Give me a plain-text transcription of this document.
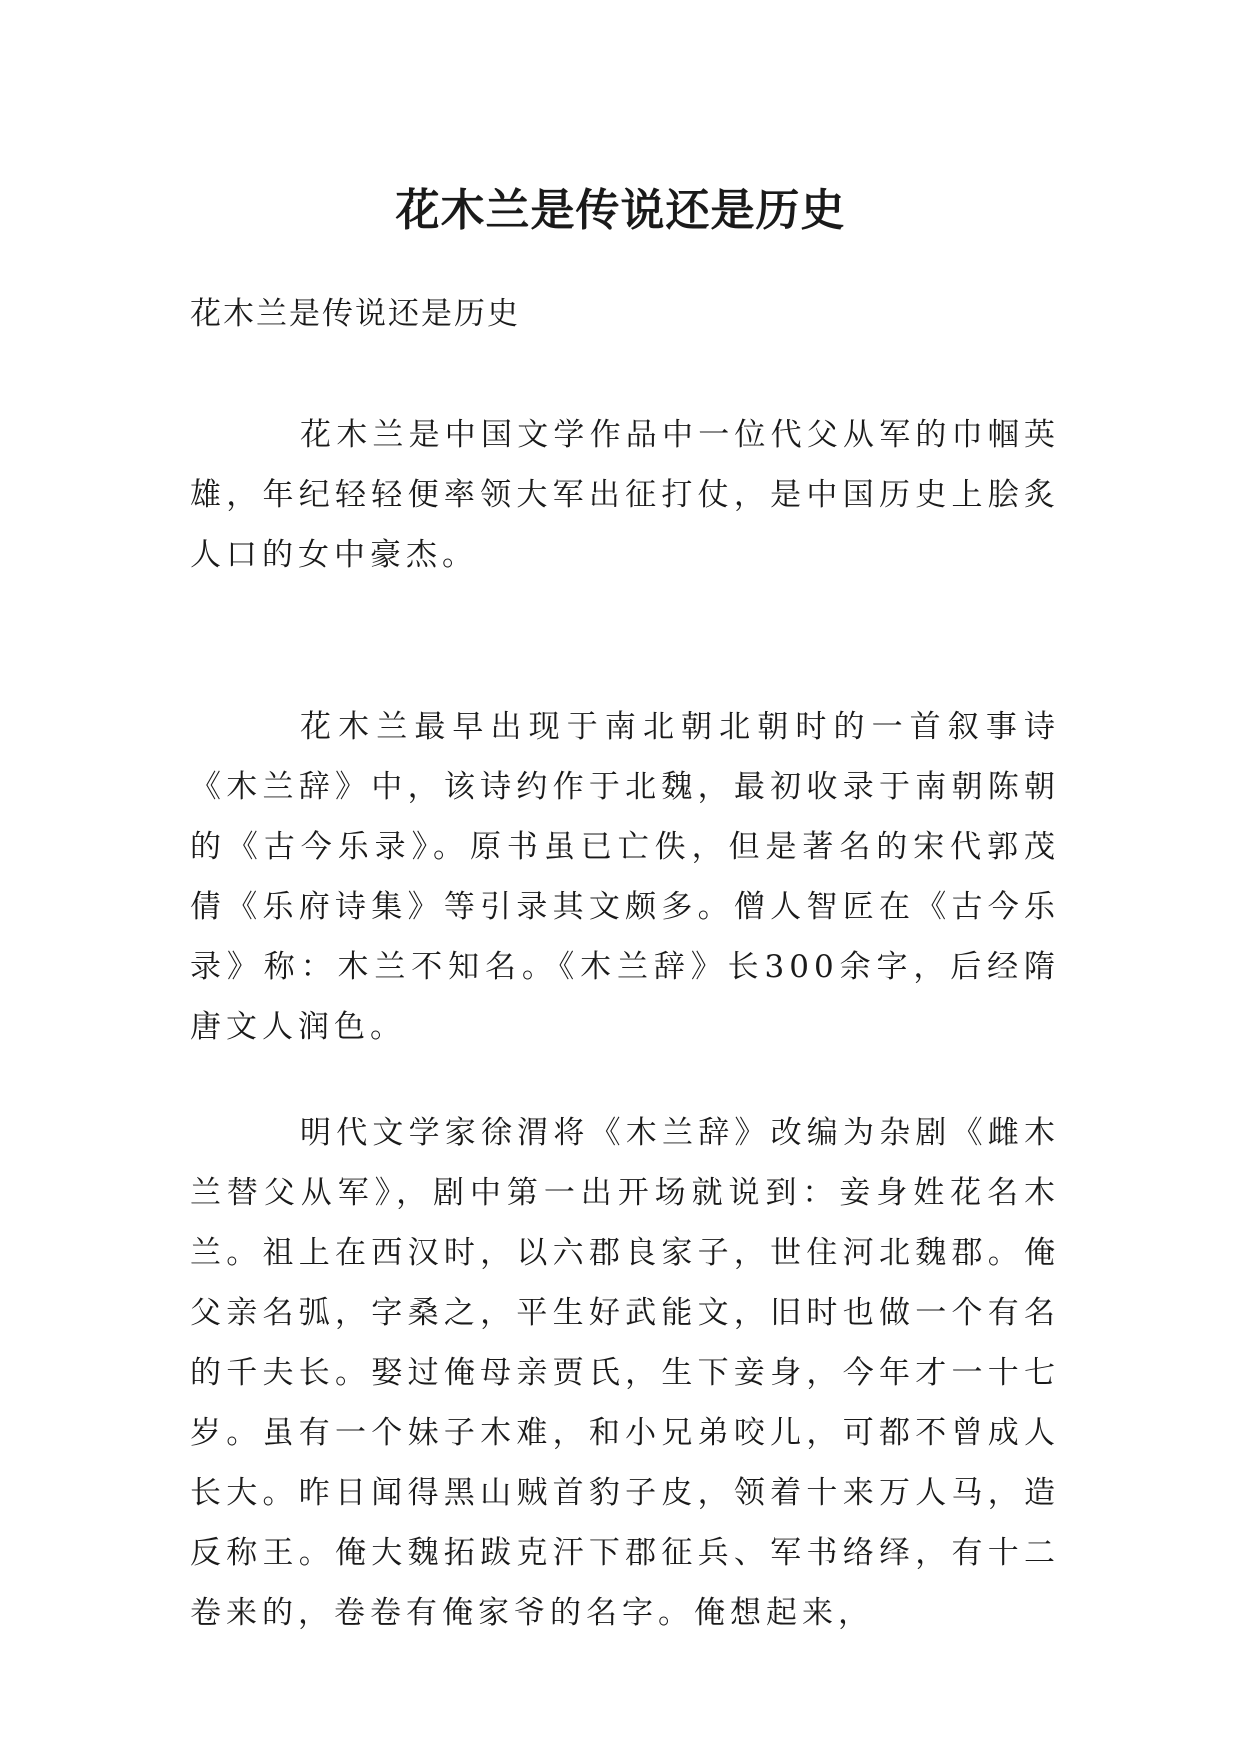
花木兰是传说还是历史
花木兰是传说还是历史

花木兰是中国文学作品中一位代父从军的巾帼英雄，年纪轻轻便率领大军出征打仗，是中国历史上脍炙人口的女中豪杰。

花木兰最早出现于南北朝北朝时的一首叙事诗《木兰辞》中，该诗约作于北魏，最初收录于南朝陈朝的《古今乐录》。原书虽已亡佚，但是著名的宋代郭茂倩《乐府诗集》等引录其文颇多。僧人智匠在《古今乐录》称：木兰不知名。《木兰辞》长300余字，后经隋唐文人润色。

明代文学家徐渭将《木兰辞》改编为杂剧《雌木兰替父从军》，剧中第一出开场就说到：妾身姓花名木兰。祖上在西汉时，以六郡良家子，世住河北魏郡。俺父亲名弧，字桑之，平生好武能文，旧时也做一个有名的千夫长。娶过俺母亲贾氏，生下妾身，今年才一十七岁。虽有一个妹子木难，和小兄弟咬儿，可都不曾成人长大。昨日闻得黑山贼首豹子皮，领着十来万人马，造反称王。俺大魏拓跋克汗下郡征兵、军书络绎，有十二卷来的，卷卷有俺家爷的名字。俺想起来，
